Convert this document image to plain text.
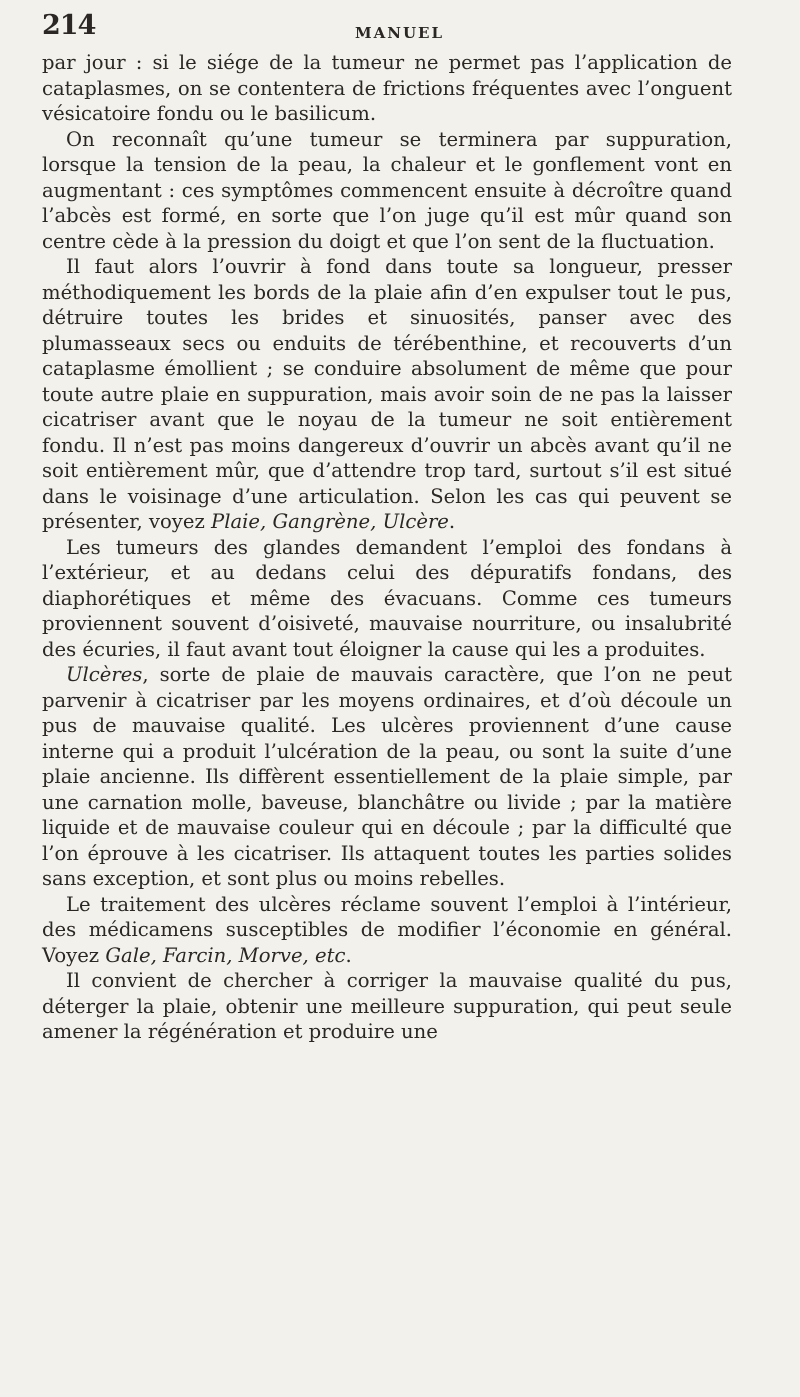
214	MANUEL

par jour : si le siége de la tumeur ne permet pas l’application de cataplasmes, on se contentera de frictions fréquentes avec l’onguent vésicatoire fondu ou le basilicum.

On reconnaît qu’une tumeur se terminera par suppuration, lorsque la tension de la peau, la chaleur et le gonflement vont en augmentant : ces symptômes commencent ensuite à décroître quand l’abcès est formé, en sorte que l’on juge qu’il est mûr quand son centre cède à la pression du doigt et que l’on sent de la fluctuation.

Il faut alors l’ouvrir à fond dans toute sa longueur, presser méthodiquement les bords de la plaie afin d’en expulser tout le pus, détruire toutes les brides et sinuosités, panser avec des plumasseaux secs ou enduits de térébenthine, et recouverts d’un cataplasme émollient ; se conduire absolument de même que pour toute autre plaie en suppuration, mais avoir soin de ne pas la laisser cicatriser avant que le noyau de la tumeur ne soit entièrement fondu. Il n’est pas moins dangereux d’ouvrir un abcès avant qu’il ne soit entièrement mûr, que d’attendre trop tard, surtout s’il est situé dans le voisinage d’une articulation. Selon les cas qui peuvent se présenter, voyez Plaie, Gangrène, Ulcère.

Les tumeurs des glandes demandent l’emploi des fondans à l’extérieur, et au dedans celui des dépuratifs fondans, des diaphorétiques et même des évacuans. Comme ces tumeurs proviennent souvent d’oisiveté, mauvaise nourriture, ou insalubrité des écuries, il faut avant tout éloigner la cause qui les a produites.

Ulcères, sorte de plaie de mauvais caractère, que l’on ne peut parvenir à cicatriser par les moyens ordinaires, et d’où découle un pus de mauvaise qualité. Les ulcères proviennent d’une cause interne qui a produit l’ulcération de la peau, ou sont la suite d’une plaie ancienne. Ils diffèrent essentiellement de la plaie simple, par une carnation molle, baveuse, blanchâtre ou livide ; par la matière liquide et de mauvaise couleur qui en découle ; par la difficulté que l’on éprouve à les cicatriser. Ils attaquent toutes les parties solides sans exception, et sont plus ou moins rebelles.

Le traitement des ulcères réclame souvent l’emploi à l’intérieur, des médicamens susceptibles de modifier l’économie en général. Voyez Gale, Farcin, Morve, etc.

Il convient de chercher à corriger la mauvaise qualité du pus, déterger la plaie, obtenir une meilleure suppuration, qui peut seule amener la régénération et produire une
